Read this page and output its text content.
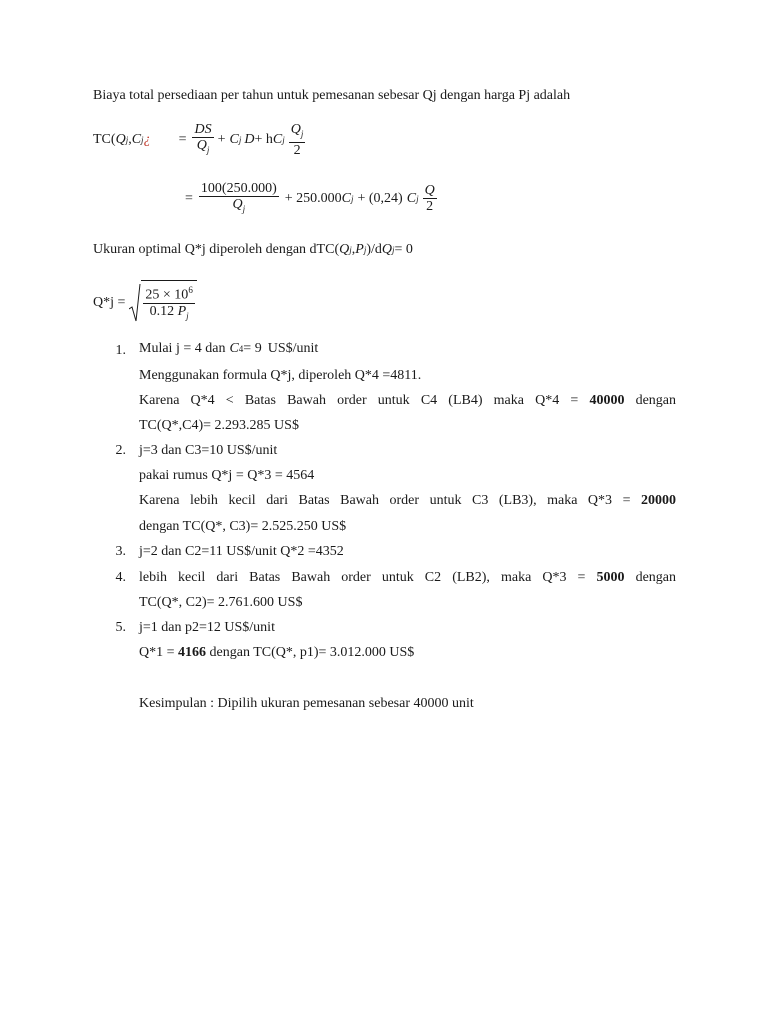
Biaya total persediaan per tahun untuk pemesanan sebesar Qj dengan harga Pj adalah
TC( Q j , C j ¿ = $\frac{DS}{Q_j} + C$ j D + h C j $\frac{Q_j}{2}$
= $\frac{100(250.000)}{Q_j} + 250.000$ C j + (0,24) C j $\frac{Q}{2}$
Ukuran optimal Q*j diperoleh dengan dTC( Q j , P j )/d Q j = 0
$Q*j = \frac{25 \times 10^6}{0.12 P_j}$
1. Mulai j = 4 dan C 4 = 9 US$/unit
Menggunakan formula Q*j, diperoleh Q*4 =4811.
Karena Q*4 < Batas Bawah order untuk C4 (LB4) maka Q*4 = 40000 dengan
TC(Q*,C4)= 2.293.285 US$
2. j=3 dan C3=10 US$/unit
pakai rumus Q*j = Q*3 = 4564
Karena lebih kecil dari Batas Bawah order untuk C3 (LB3), maka Q*3 = 20000
dengan TC(Q*, C3)= 2.525.250 US$
3. j=2 dan C2=11 US$/unit Q*2 =4352
4. lebih kecil dari Batas Bawah order untuk C2 (LB2), maka Q*3 = 5000 dengan
TC(Q*, C2)= 2.761.600 US$
5. j=1 dan p2=12 US$/unit
Q*1 = 4166 dengan TC(Q*, p1)= 3.012.000 US$
Kesimpulan : Dipilih ukuran pemesanan sebesar 40000 unit
